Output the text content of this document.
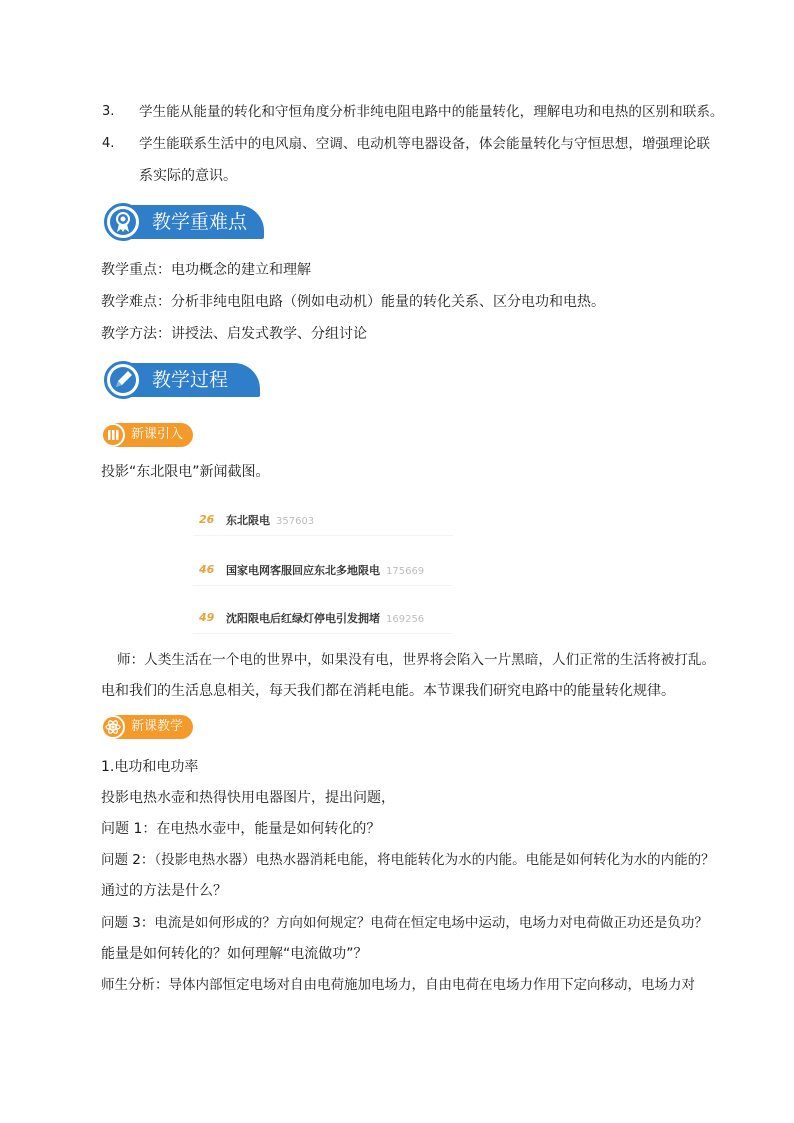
3. 学生能从能量的转化和守恒角度分析非纯电阻电路中的能量转化，理解电功和电热的区别和联系。
4. 学生能联系生活中的电风扇、空调、电动机等电器设备，体会能量转化与守恒思想，增强理论联
系实际的意识。
教学重难点
教学重点：电功概念的建立和理解
教学难点：分析非纯电阻电路（例如电动机）能量的转化关系、区分电功和电热。
教学方法：讲授法、启发式教学、分组讨论
教学过程
新课引入
投影“东北限电”新闻截图。
26 东北限电 357603
46 国家电网客服回应东北多地限电 175669
49 沈阳限电后红绿灯停电引发拥堵 169256
师：人类生活在一个电的世界中，如果没有电，世界将会陷入一片黑暗，人们正常的生活将被打乱。
电和我们的生活息息相关，每天我们都在消耗电能。本节课我们研究电路中的能量转化规律。
新课教学
1.电功和电功率
投影电热水壶和热得快用电器图片，提出问题，
问题 1：在电热水壶中，能量是如何转化的？
问题 2：（投影电热水器）电热水器消耗电能，将电能转化为水的内能。电能是如何转化为水的内能的？
通过的方法是什么？
问题 3：电流是如何形成的？方向如何规定？电荷在恒定电场中运动，电场力对电荷做正功还是负功？
能量是如何转化的？如何理解“电流做功”？
师生分析：导体内部恒定电场对自由电荷施加电场力，自由电荷在电场力作用下定向移动，电场力对
